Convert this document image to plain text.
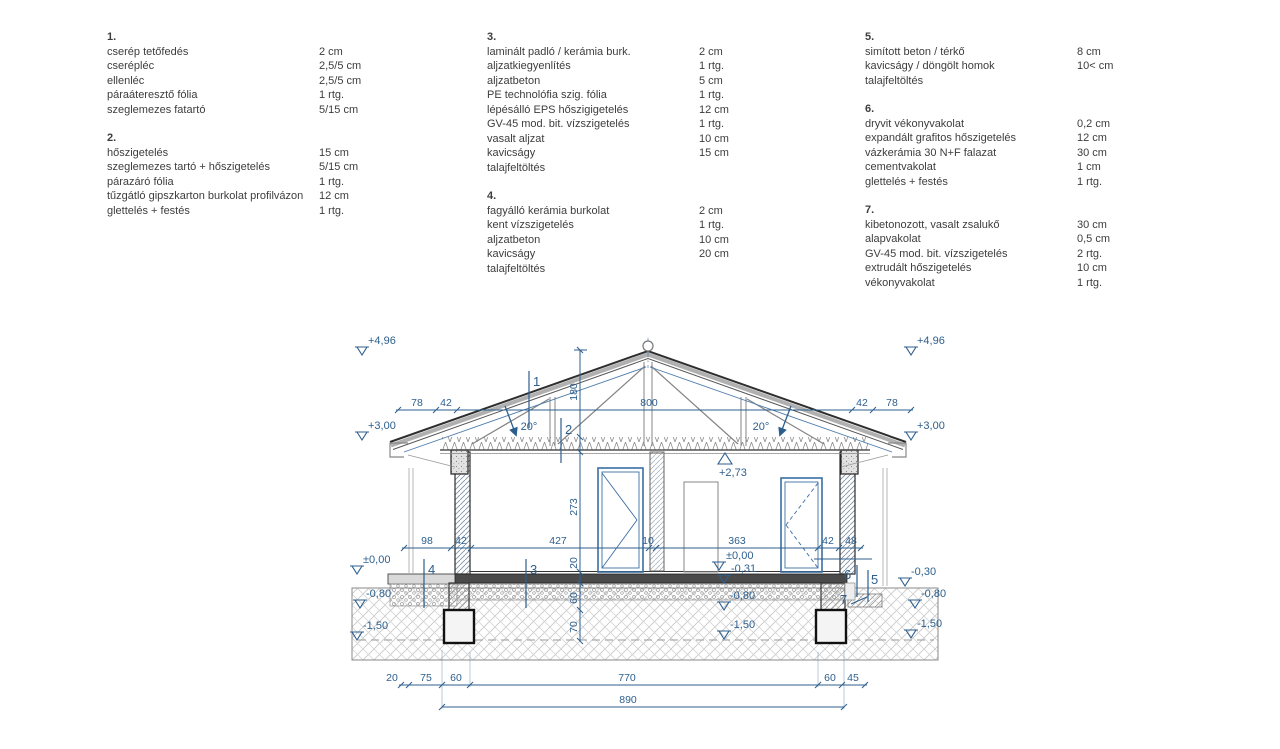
1.
cserép tetőfedés	2 cm
cserépléc	2,5/5 cm
ellenléc	2,5/5 cm
páraáteresztő fólia	1 rtg.
szeglemezes fatartó	5/15 cm
2.
hőszigetelés	15 cm
szeglemezes tartó + hőszigetelés	5/15 cm
párazáró fólia	1 rtg.
tűzgátló gipszkarton burkolat profilvázon	12 cm
glettelés + festés	1 rtg.
3.
laminált padló / kerámia burk.	2 cm
aljzatkiegyenlítés	1 rtg.
aljzatbeton	5 cm
PE technolófia szig. fólia	1 rtg.
lépésálló EPS hőszigigetelés	12 cm
GV-45 mod. bit. vízszigetelés	1 rtg.
vasalt aljzat	10 cm
kavicságy	15 cm
talajfeltöltés
4.
fagyálló kerámia burkolat	2 cm
kent vízszigetelés	1 rtg.
aljzatbeton	10 cm
kavicságy	20 cm
talajfeltöltés
5.
simított beton / térkő	8 cm
kavicságy / döngölt homok	10< cm
talajfeltöltés
6.
dryvit vékonyvakolat	0,2 cm
expandált grafitos hőszigetelés	12 cm
vázkerámia 30 N+F falazat	30 cm
cementvakolat	1 cm
glettelés + festés	1 rtg.
7.
kibetonozott, vasalt zsalukő	30 cm
alapvakolat	0,5 cm
GV-45 mod. bit. vízszigetelés	2 rtg.
extrudált hőszigetelés	10 cm
vékonyvakolat	1 rtg.
78 42	800	42 78
98 42	427	10	363	42 48
20 75 60	770	60 45
890
180
273
20
60
70
20°	20°
+4,96
+3,00
±0,00
-0,80
-1,50
+4,96
+3,00
-0,30
-0,80
-1,50
±0,00
-0,31
-0,80
-1,50
+2,73
1
2
3
4
5
6
7
